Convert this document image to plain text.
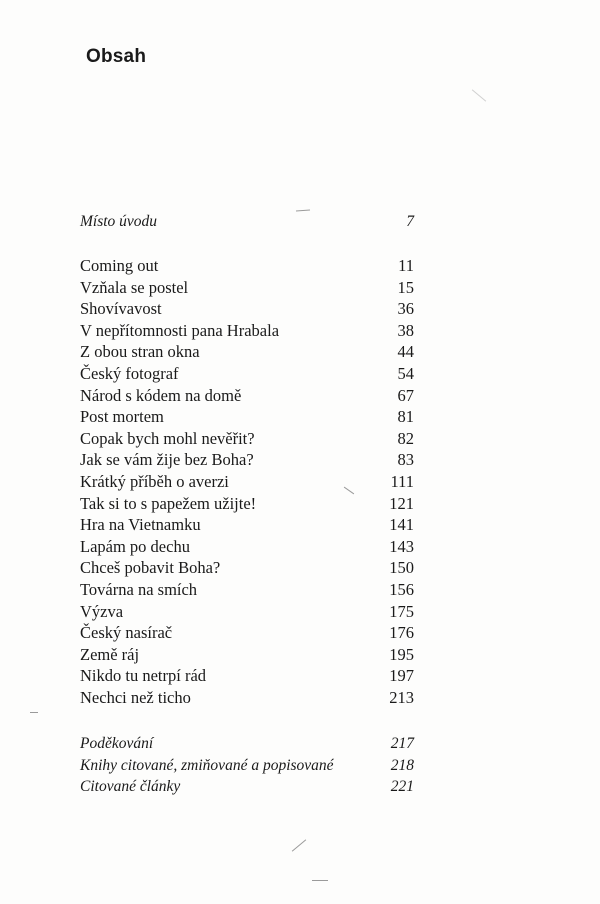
Obsah
Místo úvodu	7
Coming out	11
Vzňala se postel	15
Shovívavost	36
V nepřítomnosti pana Hrabala	38
Z obou stran okna	44
Český fotograf	54
Národ s kódem na domě	67
Post mortem	81
Copak bych mohl nevěřit?	82
Jak se vám žije bez Boha?	83
Krátký příběh o averzi	111
Tak si to s papežem užijte!	121
Hra na Vietnamku	141
Lapám po dechu	143
Chceš pobavit Boha?	150
Továrna na smích	156
Výzva	175
Český nasírač	176
Země ráj	195
Nikdo tu netrpí rád	197
Nechci než ticho	213
Poděkování	217
Knihy citované, zmiňované a popisované	218
Citované články	221
